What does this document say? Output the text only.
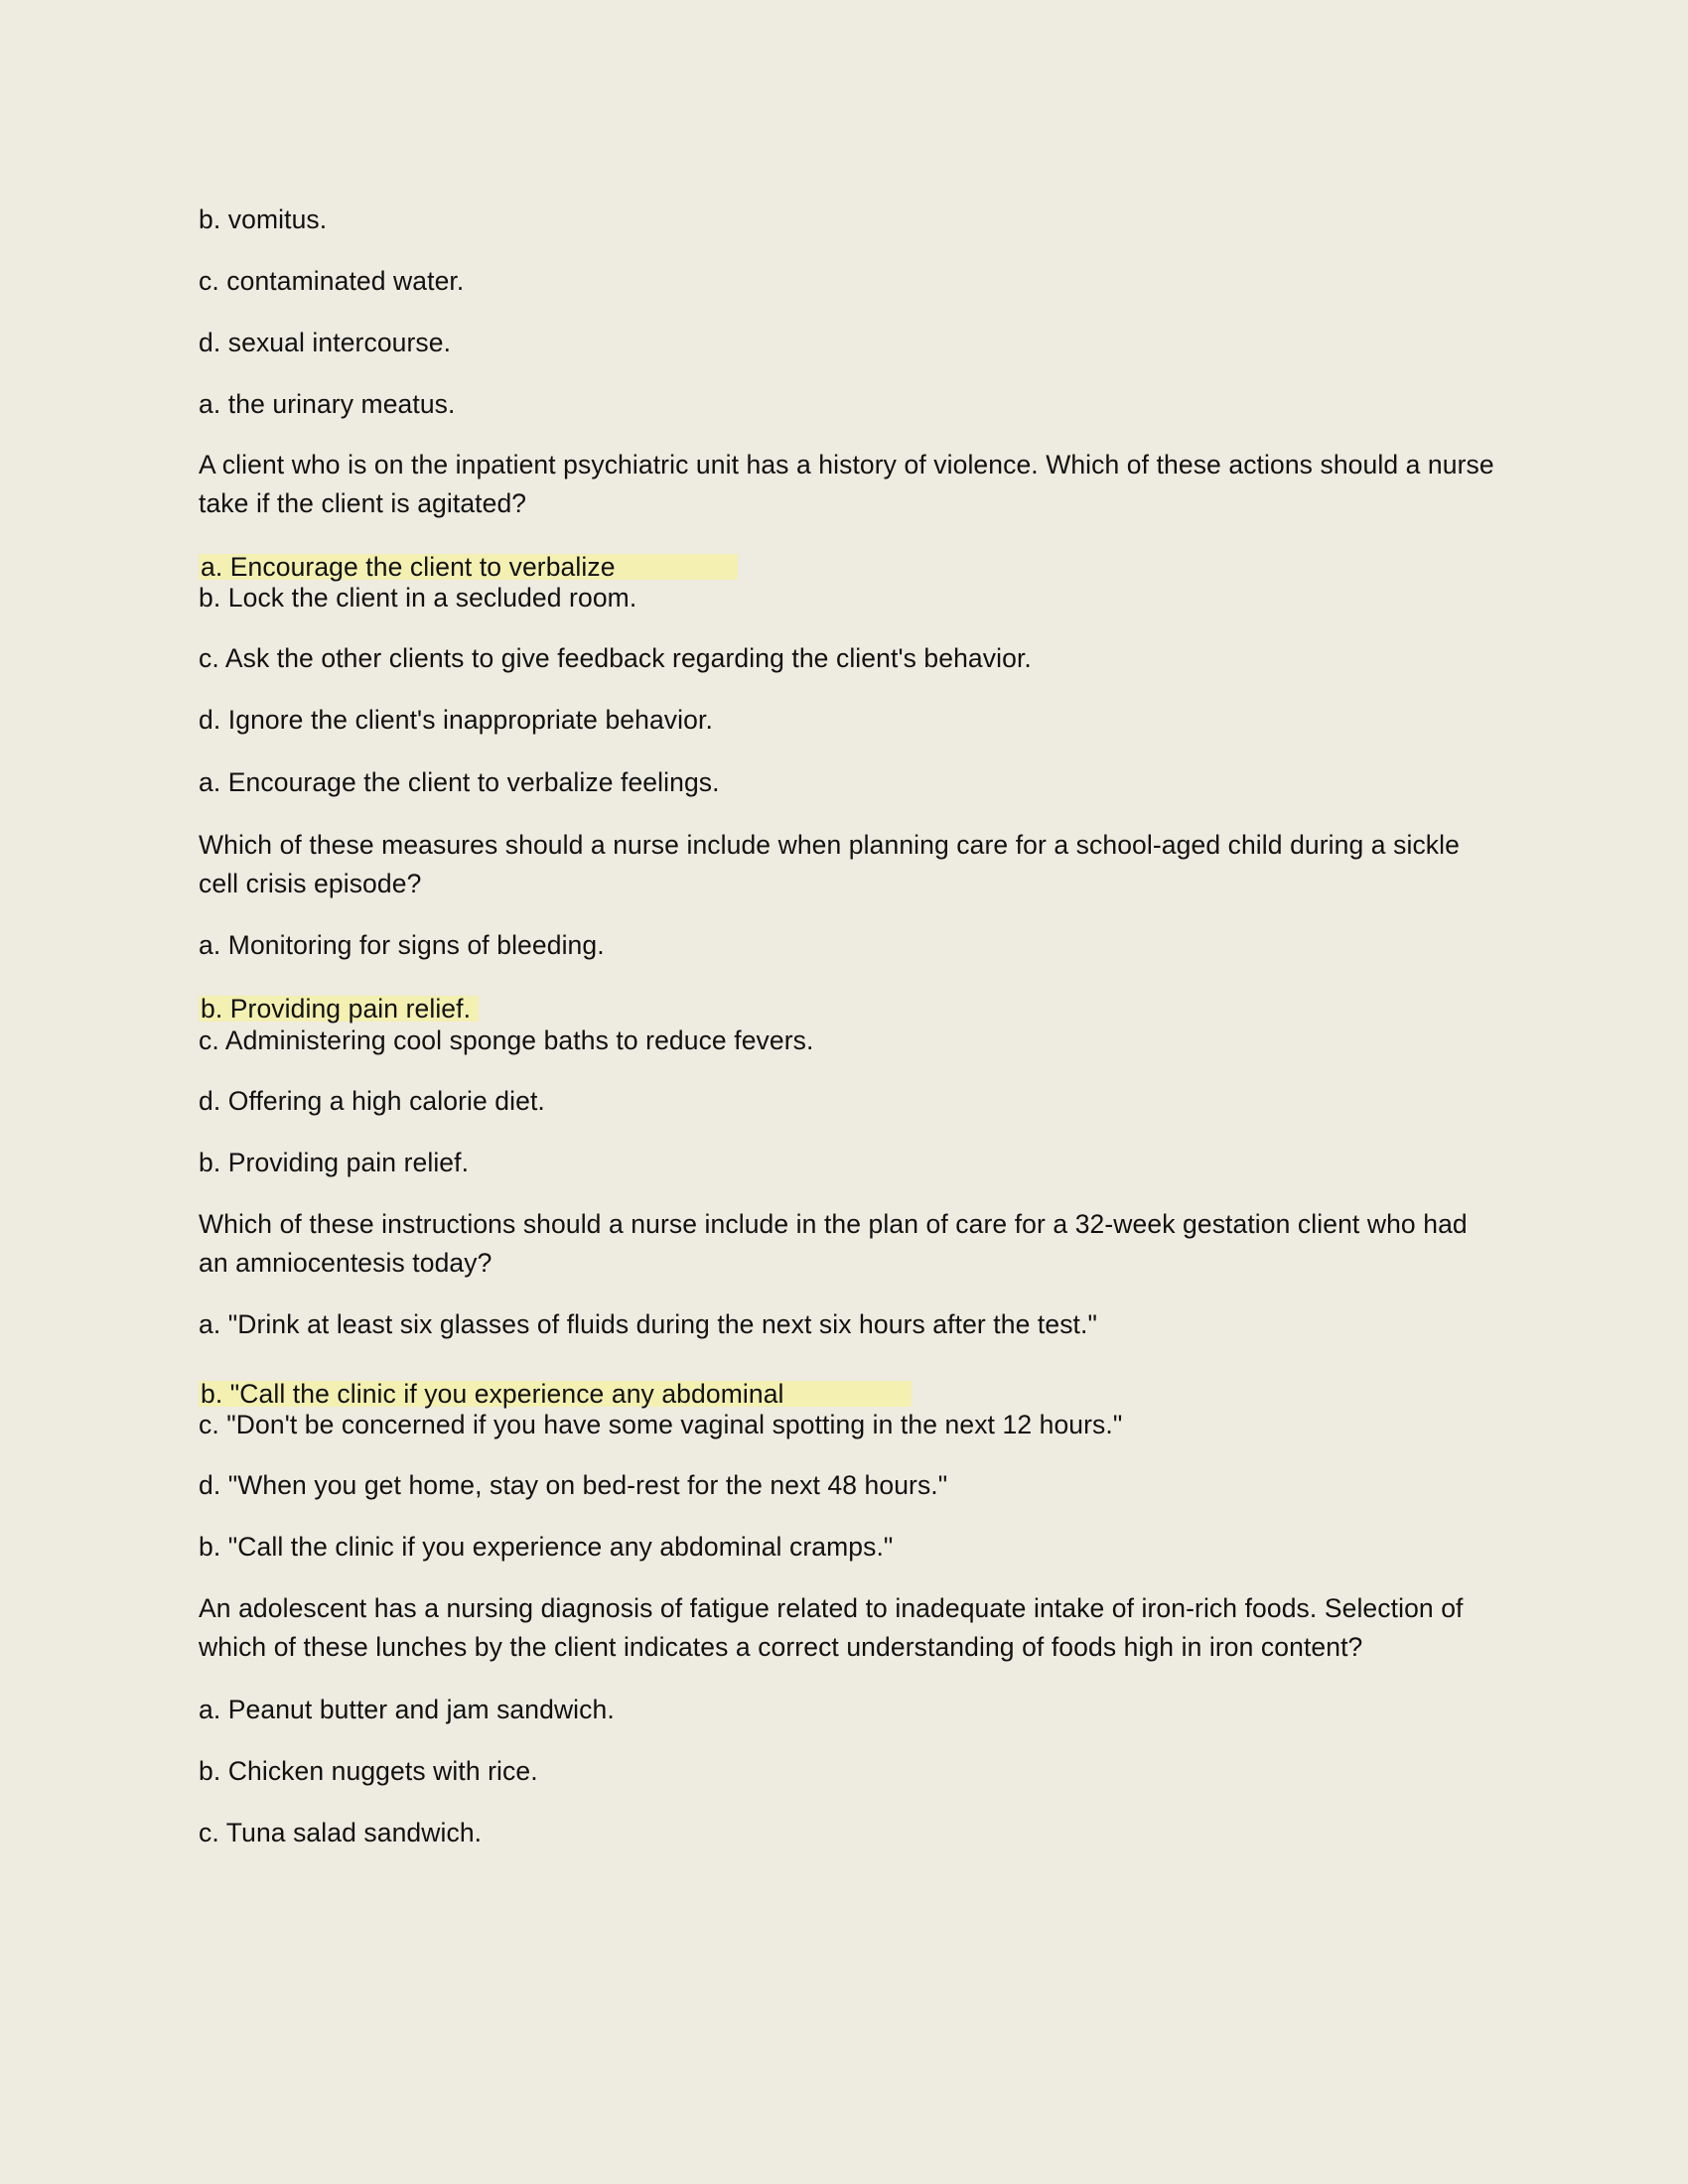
b. vomitus.
c. contaminated water.
d. sexual intercourse.
a. the urinary meatus.
A client who is on the inpatient psychiatric unit has a history of violence. Which of these actions should a nurse take if the client is agitated?
a. Encourage the client to verbalize
b. Lock the client in a secluded room.
c. Ask the other clients to give feedback regarding the client's behavior.
d. Ignore the client's inappropriate behavior.
a. Encourage the client to verbalize feelings.
Which of these measures should a nurse include when planning care for a school-aged child during a sickle cell crisis episode?
a. Monitoring for signs of bleeding.
b. Providing pain relief.
c. Administering cool sponge baths to reduce fevers.
d. Offering a high calorie diet.
b. Providing pain relief.
Which of these instructions should a nurse include in the plan of care for a 32-week gestation client who had an amniocentesis today?
a. "Drink at least six glasses of fluids during the next six hours after the test."
b. "Call the clinic if you experience any abdominal
c. "Don't be concerned if you have some vaginal spotting in the next 12 hours."
d. "When you get home, stay on bed-rest for the next 48 hours."
b. "Call the clinic if you experience any abdominal cramps."
An adolescent has a nursing diagnosis of fatigue related to inadequate intake of iron-rich foods. Selection of which of these lunches by the client indicates a correct understanding of foods high in iron content?
a. Peanut butter and jam sandwich.
b. Chicken nuggets with rice.
c. Tuna salad sandwich.
